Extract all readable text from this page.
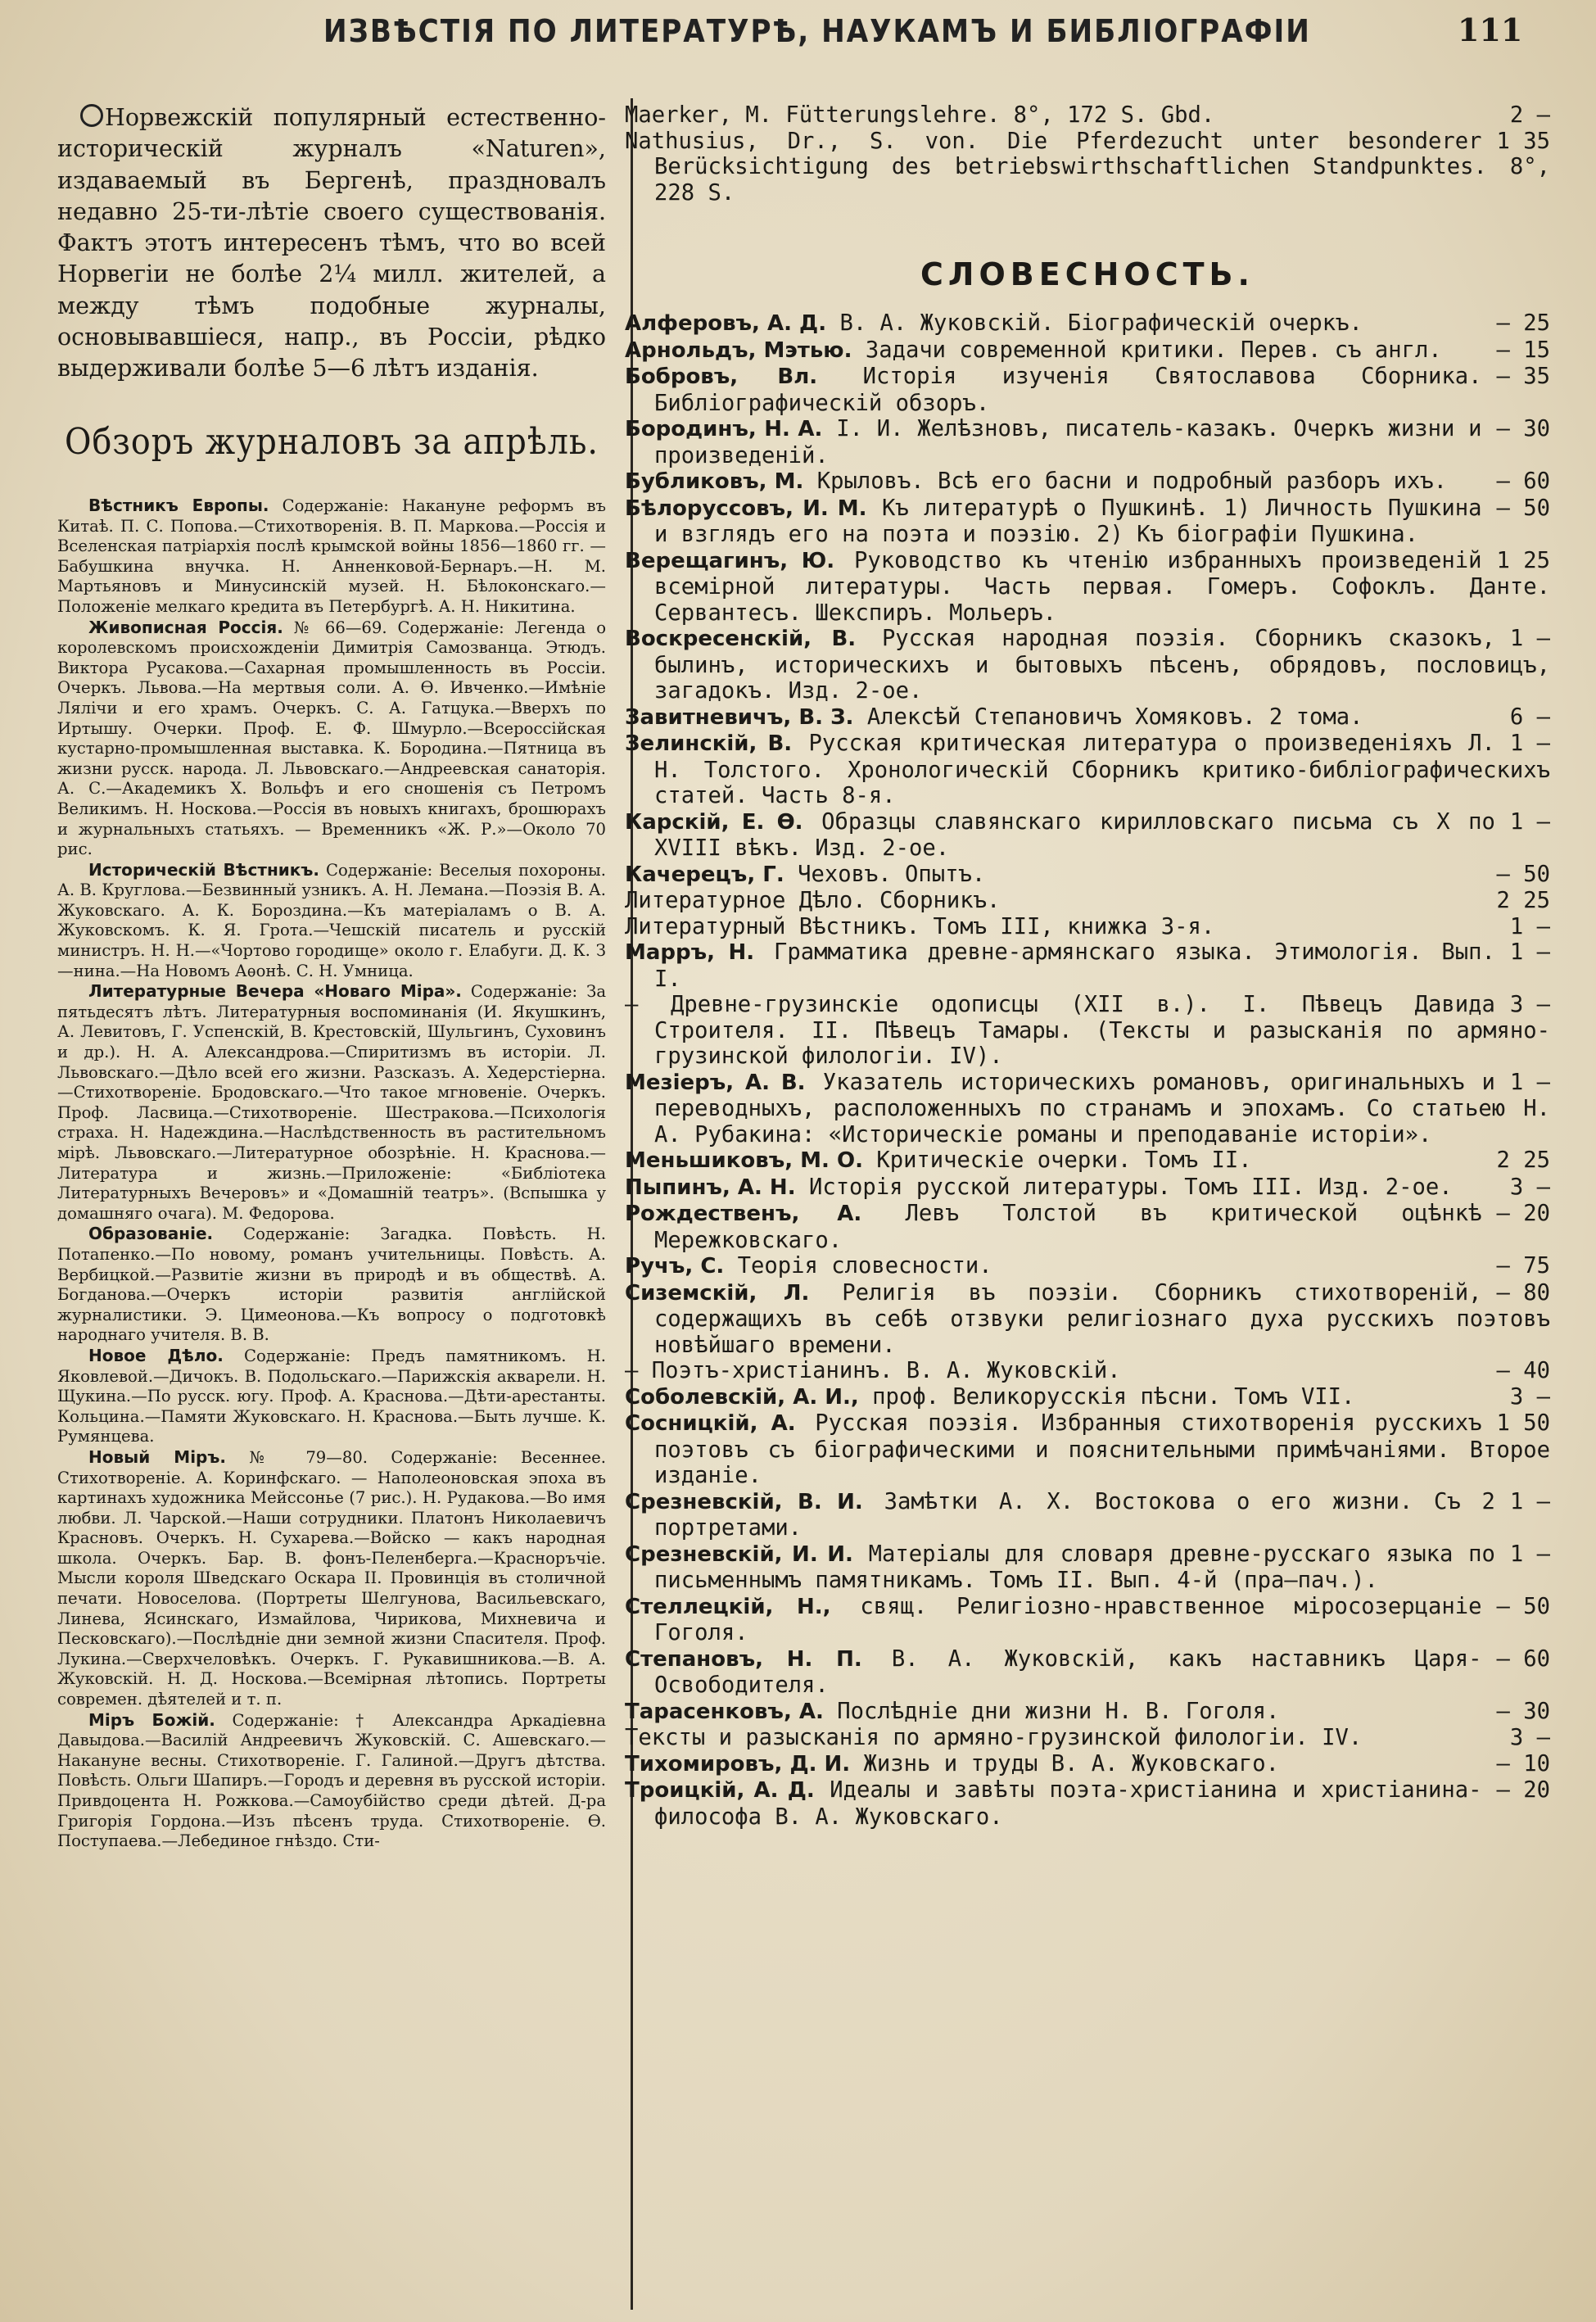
ИЗВѢСТІЯ ПО ЛИТЕРАТУРѢ, НАУКАМЪ И БИБЛІОГРАФІИ	111

Норвежскій популярный естественно-историческій журналъ «Naturen», издаваемый въ Бергенѣ, праздновалъ недавно 25-ти-лѣтіе своего существованія. Фактъ этотъ интересенъ тѣмъ, что во всей Норвегіи не болѣе 2¼ милл. жителей, а между тѣмъ подобные журналы, основывавшіеся, напр., въ Россіи, рѣдко выдерживали болѣе 5—6 лѣтъ изданія.

Обзоръ журналовъ за апрѣль.

Вѣстникъ Европы. Содержаніе: Накануне реформъ въ Китаѣ. П. С. Попова.—Стихотворенія. В. П. Маркова.—Россія и Вселенская патріархія послѣ крымской войны 1856—1860 гг. — Бабушкина внучка. Н. Анненковой-Бернаръ.—Н. М. Мартьяновъ и Минусинскій музей. Н. Бѣлоконскаго.—Положеніе мелкаго кредита въ Петербургѣ. А. Н. Никитина.

Живописная Россія. № 66—69. Содержаніе: Легенда о королевскомъ происхожденіи Димитрія Самозванца. Этюдъ. Виктора Русакова.—Сахарная промышленность въ Россіи. Очеркъ. Львова.—На мертвыя соли. А. Ө. Ивченко.—Имѣніе Лялічи и его храмъ. Очеркъ. С. А. Гатцука.—Вверхъ по Иртышу. Очерки. Проф. Е. Ф. Шмурло.—Всероссійская кустарно-промышленная выставка. К. Бородина.—Пятница въ жизни русск. народа. Л. Львовскаго.—Андреевская санаторія. А. С.—Академикъ Х. Вольфъ и его сношенія съ Петромъ Великимъ. Н. Носкова.—Россія въ новыхъ книгахъ, брошюрахъ и журнальныхъ статьяхъ. — Временникъ «Ж. Р.»—Около 70 рис.

Историческій Вѣстникъ. Содержаніе: Веселыя похороны. А. В. Круглова.—Безвинный узникъ. А. Н. Лемана.—Поэзія В. А. Жуковскаго. А. К. Бороздина.—Къ матеріаламъ о В. А. Жуковскомъ. К. Я. Грота.—Чешскій писатель и русскій министръ. Н. Н.—«Чортово городище» около г. Елабуги. Д. К. З—нина.—На Новомъ Аѳонѣ. С. Н. Умница.

Литературные Вечера «Новаго Міра». Содержаніе: За пятьдесятъ лѣтъ. Литературныя воспоминанія (И. Якушкинъ, А. Левитовъ, Г. Успенскій, В. Крестовскій, Шульгинъ, Суховинъ и др.). Н. А. Александрова.—Спиритизмъ въ исторіи. Л. Львовскаго.—Дѣло всей его жизни. Разсказъ. А. Хедерстіерна.—Стихотвореніе. Бродовскаго.—Что такое мгновеніе. Очеркъ. Проф. Ласвица.—Стихотвореніе. Шестракова.—Психологія страха. Н. Надеждина.—Наслѣдственность въ растительномъ мірѣ. Львовскаго.—Литературное обозрѣніе. Н. Краснова.—Литература и жизнь.—Приложеніе: «Библіотека Литературныхъ Вечеровъ» и «Домашній театръ». (Вспышка у домашняго очага). М. Федорова.

Образованіе. Содержаніе: Загадка. Повѣсть. Н. Потапенко.—По новому, романъ учительницы. Повѣсть. А. Вербицкой.—Развитіе жизни въ природѣ и въ обществѣ. А. Богданова.—Очеркъ исторіи развитія англійской журналистики. Э. Цимеонова.—Къ вопросу о подготовкѣ народнаго учителя. В. В.

Новое Дѣло. Содержаніе: Предъ памятникомъ. Н. Яковлевой.—Дичокъ. В. Подольскаго.—Парижскія акварели. Н. Щукина.—По русск. югу. Проф. А. Краснова.—Дѣти-арестанты. Кольцина.—Памяти Жуковскаго. Н. Краснова.—Быть лучше. К. Румянцева.

Новый Міръ. № 79—80. Содержаніе: Весеннее. Стихотвореніе. А. Коринфскаго. — Наполеоновская эпоха въ картинахъ художника Мейссонье (7 рис.). Н. Рудакова.—Во имя любви. Л. Чарской.—Наши сотрудники. Платонъ Николаевичъ Красновъ. Очеркъ. Н. Сухарева.—Войско — какъ народная школа. Очеркъ. Бар. В. фонъ-Пеленберга.—Красноръчіе. Мысли короля Шведскаго Оскара II. Провинція въ столичной печати. Новоселова. (Портреты Шелгунова, Васильевскаго, Линева, Ясинскаго, Измайлова, Чирикова, Михневича и Песковскаго).—Послѣдніе дни земной жизни Спасителя. Проф. Лукина.—Сверхчеловѣкъ. Очеркъ. Г. Рукавишникова.—В. А. Жуковскій. Н. Д. Носкова.—Всемірная лѣтопись. Портреты современ. дѣятелей и т. п.

Міръ Божій. Содержаніе: † Александра Аркадіевна Давыдова.—Василій Андреевичъ Жуковскій. С. Ашевскаго.—Накануне весны. Стихотвореніе. Г. Галиной.—Другъ дѣтства. Повѣсть. Ольги Шапиръ.—Городъ и деревня въ русской исторіи. Привдоцента Н. Рожкова.—Самоубійство среди дѣтей. Д-ра Григорія Гордона.—Изъ пѣсенъ труда. Стихотвореніе. Ѳ. Поступаева.—Лебединое гнѣздо. Сти-

2 —
Maerker, M. Fütterungslehre. 8°, 172 S. Gbd.

1 35
Nathusius, Dr., S. von. Die Pferdezucht unter besonderer Berücksichtigung des betriebswirthschaftlichen Standpunktes. 8°, 228 S.

СЛОВЕСНОСТЬ.

— 25
Алферовъ, А. Д. В. А. Жуковскій. Біографическій очеркъ.

— 15
Арнольдъ, Мэтью. Задачи современной критики. Перев. съ англ.

— 35
Бобровъ, Вл. Исторія изученія Святославова Сборника. Библіографическій обзоръ.

— 30
Бородинъ, Н. А. І. И. Желѣзновъ, писатель-казакъ. Очеркъ жизни и произведеній.

— 60
Бубликовъ, М. Крыловъ. Всѣ его басни и подробный разборъ ихъ.

— 50
Бѣлоруссовъ, И. М. Къ литературѣ о Пушкинѣ. 1) Личность Пушкина и взглядъ его на поэта и поэзію. 2) Къ біографіи Пушкина.

1 25
Верещагинъ, Ю. Руководство къ чтенію избранныхъ произведеній всемірной литературы. Часть первая. Гомеръ. Софоклъ. Данте. Сервантесъ. Шекспиръ. Мольеръ.

1 —
Воскресенскій, В. Русская народная поэзія. Сборникъ сказокъ, былинъ, историческихъ и бытовыхъ пѣсенъ, обрядовъ, пословицъ, загадокъ. Изд. 2-ое.

6 —
Завитневичъ, В. З. Алексѣй Степановичъ Хомяковъ. 2 тома.

1 —
Зелинскій, В. Русская критическая литература о произведеніяхъ Л. Н. Толстого. Хронологическій Сборникъ критико-библіографическихъ статей. Часть 8-я.

1 —
Карскій, Е. Ѳ. Образцы славянскаго кирилловскаго письма съ X по XVIII вѣкъ. Изд. 2-ое.

— 50
Качерецъ, Г. Чеховъ. Опытъ.

2 25
Литературное Дѣло. Сборникъ.

1 —
Литературный Вѣстникъ. Томъ III, книжка 3-я.

1 —
Марръ, Н. Грамматика древне-армянскаго языка. Этимологія. Вып. I.

3 —
— Древне-грузинскіе одописцы (XII в.). I. Пѣвецъ Давида Строителя. II. Пѣвецъ Тамары. (Тексты и разысканія по армяно-грузинской филологіи. IV).

1 —
Мезіеръ, А. В. Указатель историческихъ романовъ, оригинальныхъ и переводныхъ, расположенныхъ по странамъ и эпохамъ. Со статьею Н. А. Рубакина: «Историческіе романы и преподаваніе исторіи».

2 25
Меньшиковъ, М. О. Критическіе очерки. Томъ II.

3 —
Пыпинъ, А. Н. Исторія русской литературы. Томъ III. Изд. 2-ое.

— 20
Рождественъ, А. Левъ Толстой въ критической оцѣнкѣ Мережковскаго.

— 75
Ручъ, С. Теорія словесности.

— 80
Сиземскій, Л. Религія въ поэзіи. Сборникъ стихотвореній, содержащихъ въ себѣ отзвуки религіознаго духа русскихъ поэтовъ новѣйшаго времени.

— 40
— Поэтъ-христіанинъ. В. А. Жуковскій.

3 —
Соболевскій, А. И., проф. Великорусскія пѣсни. Томъ VII.

1 50
Сосницкій, А. Русская поэзія. Избранныя стихотворенія русскихъ поэтовъ съ біографическими и пояснительными примѣчаніями. Второе изданіе.

1 —
Срезневскій, В. И. Замѣтки А. Х. Востокова о его жизни. Съ 2 портретами.

1 —
Срезневскій, И. И. Матеріалы для словаря древне-русскаго языка по письменнымъ памятникамъ. Томъ II. Вып. 4-й (пра—пач.).

— 50
Стеллецкій, Н., свящ. Религіозно-нравственное міросозерцаніе Гоголя.

— 60
Степановъ, Н. П. В. А. Жуковскій, какъ наставникъ Царя-Освободителя.

— 30
Тарасенковъ, А. Послѣдніе дни жизни Н. В. Гоголя.

3 —
Тексты и разысканія по армяно-грузинской филологіи. IV.

— 10
Тихомировъ, Д. И. Жизнь и труды В. А. Жуковскаго.

— 20
Троицкій, А. Д. Идеалы и завѣты поэта-христіанина и христіанина-философа В. А. Жуковскаго.
